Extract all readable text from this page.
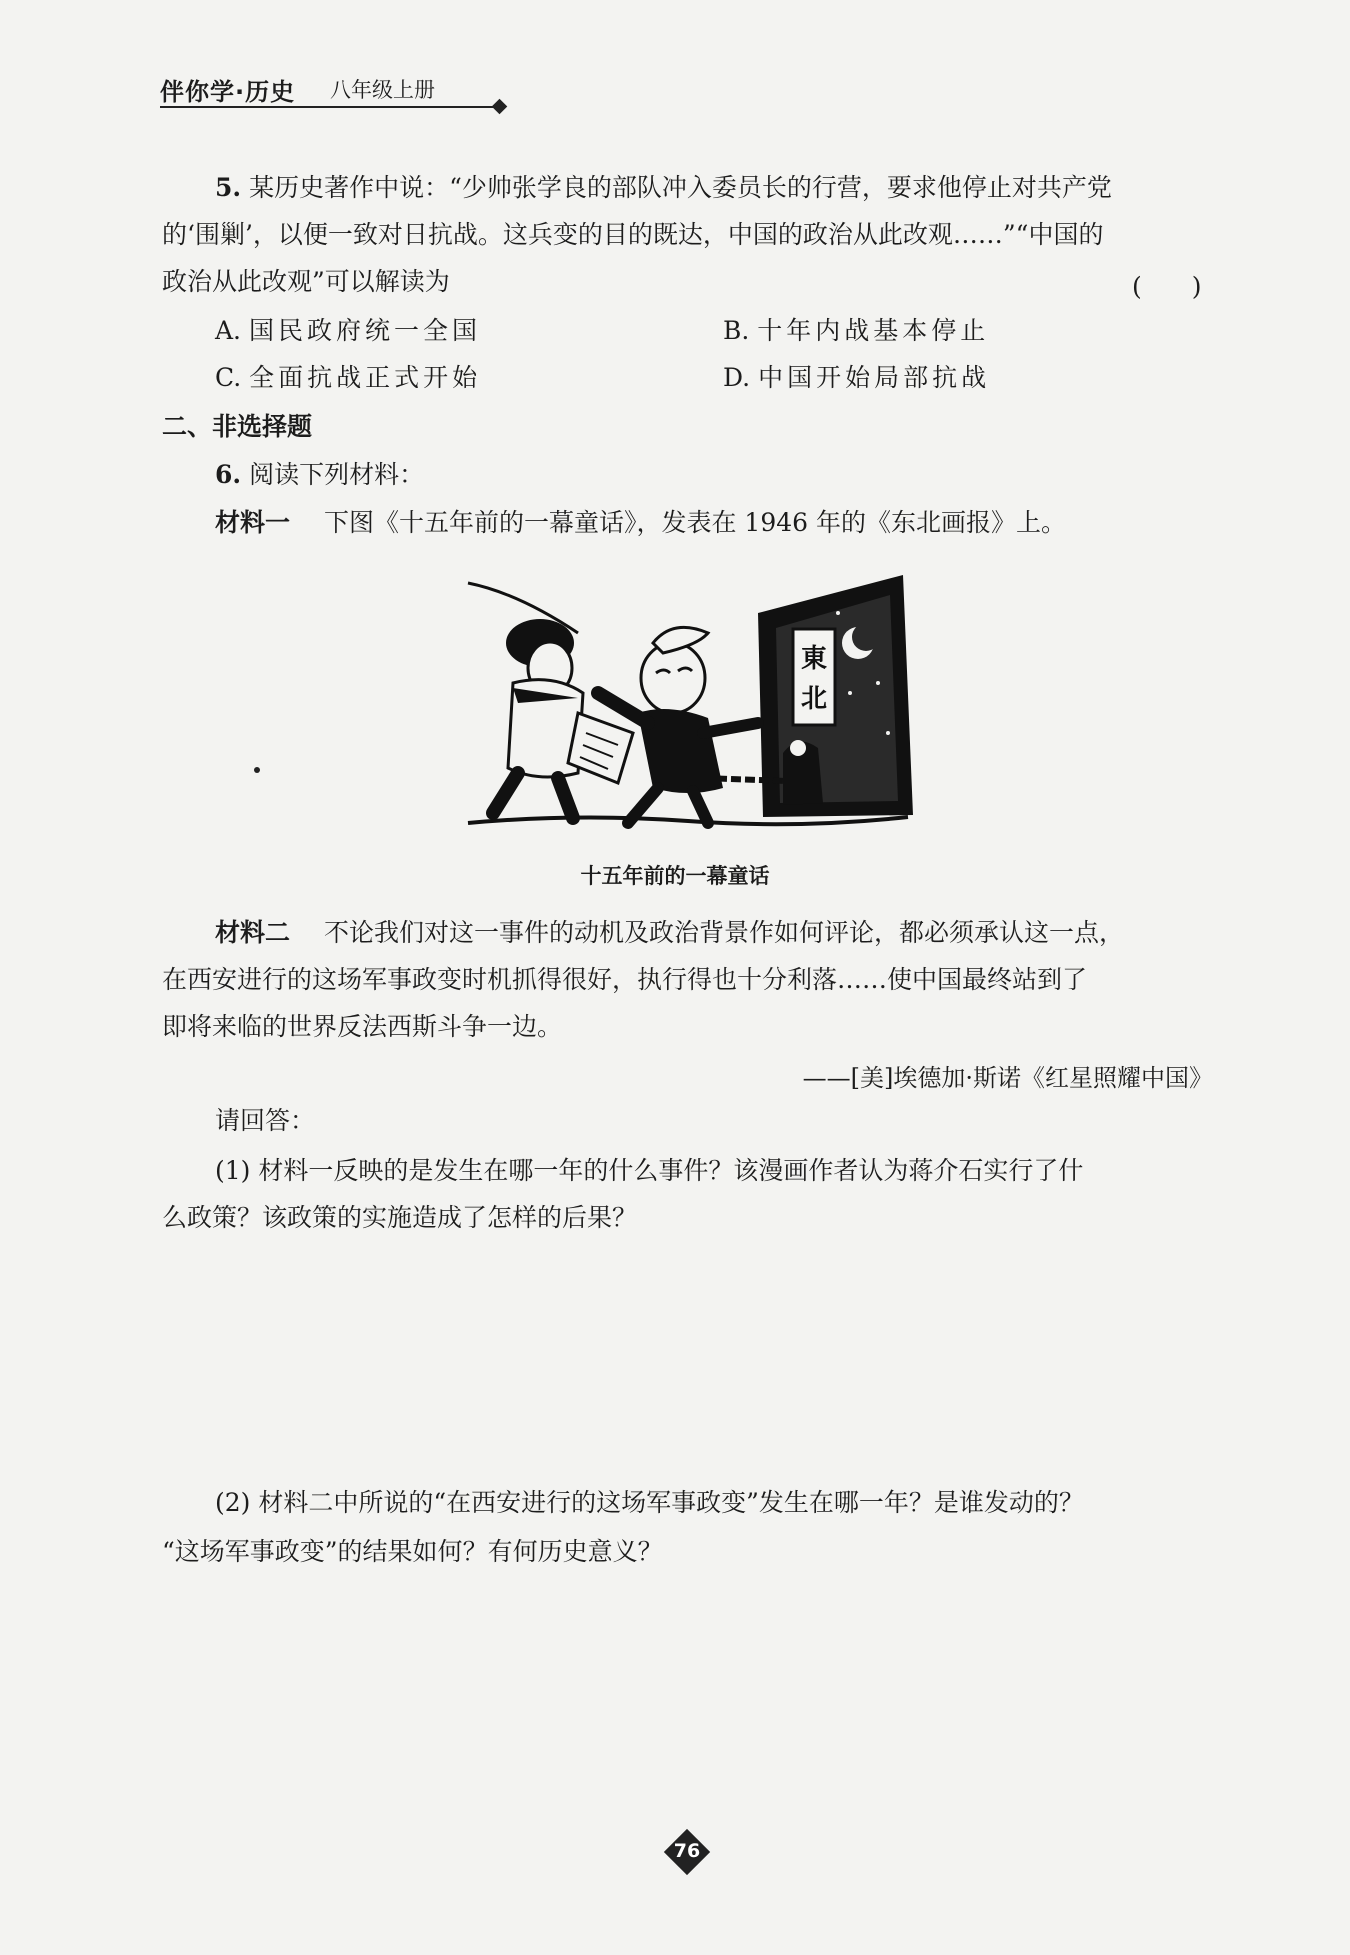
伴你学·历史 八年级上册
5. 某历史著作中说：“少帅张学良的部队冲入委员长的行营，要求他停止对共产党
的‘围剿’，以便一致对日抗战。这兵变的目的既达，中国的政治从此改观……”“中国的
政治从此改观”可以解读为	(　　)
A. 国民政府统一全国	B. 十年内战基本停止
C. 全面抗战正式开始	D. 中国开始局部抗战
二、非选择题
6. 阅读下列材料：
材料一 下图《十五年前的一幕童话》，发表在 1946 年的《东北画报》上。
東
北
十五年前的一幕童话
材料二 不论我们对这一事件的动机及政治背景作如何评论，都必须承认这一点，
在西安进行的这场军事政变时机抓得很好，执行得也十分利落……使中国最终站到了
即将来临的世界反法西斯斗争一边。
——[美]埃德加·斯诺《红星照耀中国》
请回答：
(1) 材料一反映的是发生在哪一年的什么事件？该漫画作者认为蒋介石实行了什
么政策？该政策的实施造成了怎样的后果？
(2) 材料二中所说的“在西安进行的这场军事政变”发生在哪一年？是谁发动的？
“这场军事政变”的结果如何？有何历史意义？
76
